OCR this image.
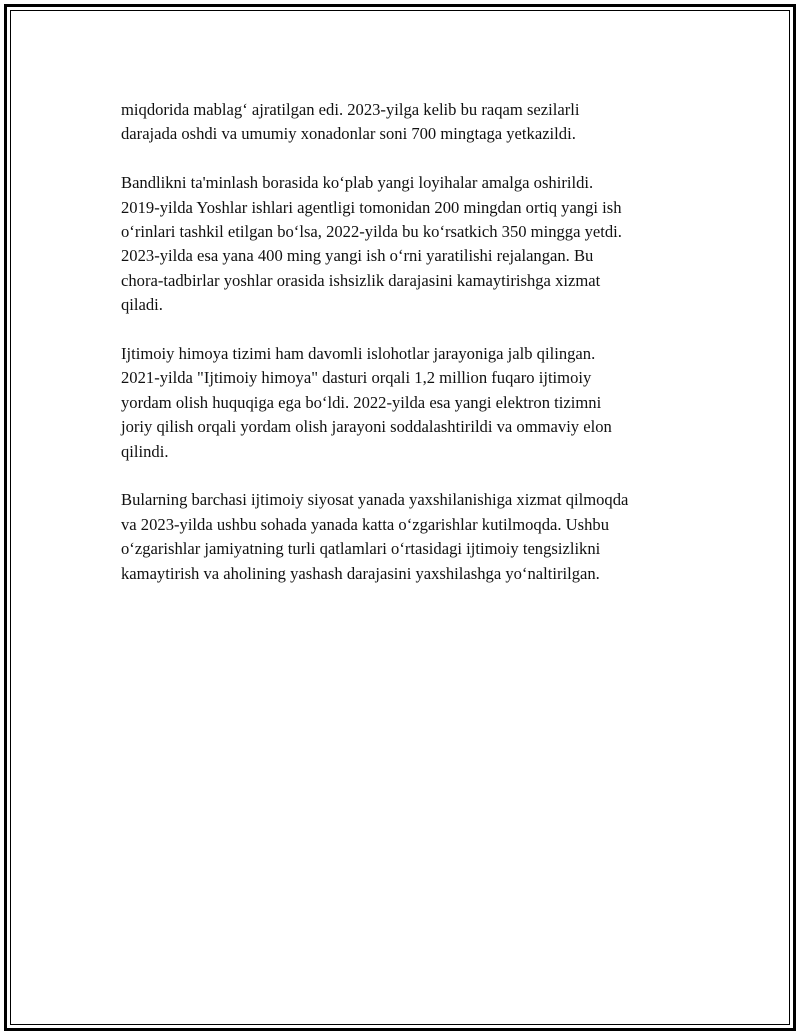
miqdorida mablag‘ ajratilgan edi. 2023-yilga kelib bu raqam sezilarli
darajada oshdi va umumiy xonadonlar soni 700 mingtaga yetkazildi.

Bandlikni ta'minlash borasida ko‘plab yangi loyihalar amalga oshirildi.
2019-yilda Yoshlar ishlari agentligi tomonidan 200 mingdan ortiq yangi ish
o‘rinlari tashkil etilgan bo‘lsa, 2022-yilda bu ko‘rsatkich 350 mingga yetdi.
2023-yilda esa yana 400 ming yangi ish o‘rni yaratilishi rejalangan. Bu
chora-tadbirlar yoshlar orasida ishsizlik darajasini kamaytirishga xizmat
qiladi.

Ijtimoiy himoya tizimi ham davomli islohotlar jarayoniga jalb qilingan.
2021-yilda "Ijtimoiy himoya" dasturi orqali 1,2 million fuqaro ijtimoiy
yordam olish huquqiga ega bo‘ldi. 2022-yilda esa yangi elektron tizimni
joriy qilish orqali yordam olish jarayoni soddalashtirildi va ommaviy elon
qilindi.

Bularning barchasi ijtimoiy siyosat yanada yaxshilanishiga xizmat qilmoqda
va 2023-yilda ushbu sohada yanada katta o‘zgarishlar kutilmoqda. Ushbu
o‘zgarishlar jamiyatning turli qatlamlari o‘rtasidagi ijtimoiy tengsizlikni
kamaytirish va aholining yashash darajasini yaxshilashga yo‘naltirilgan.
